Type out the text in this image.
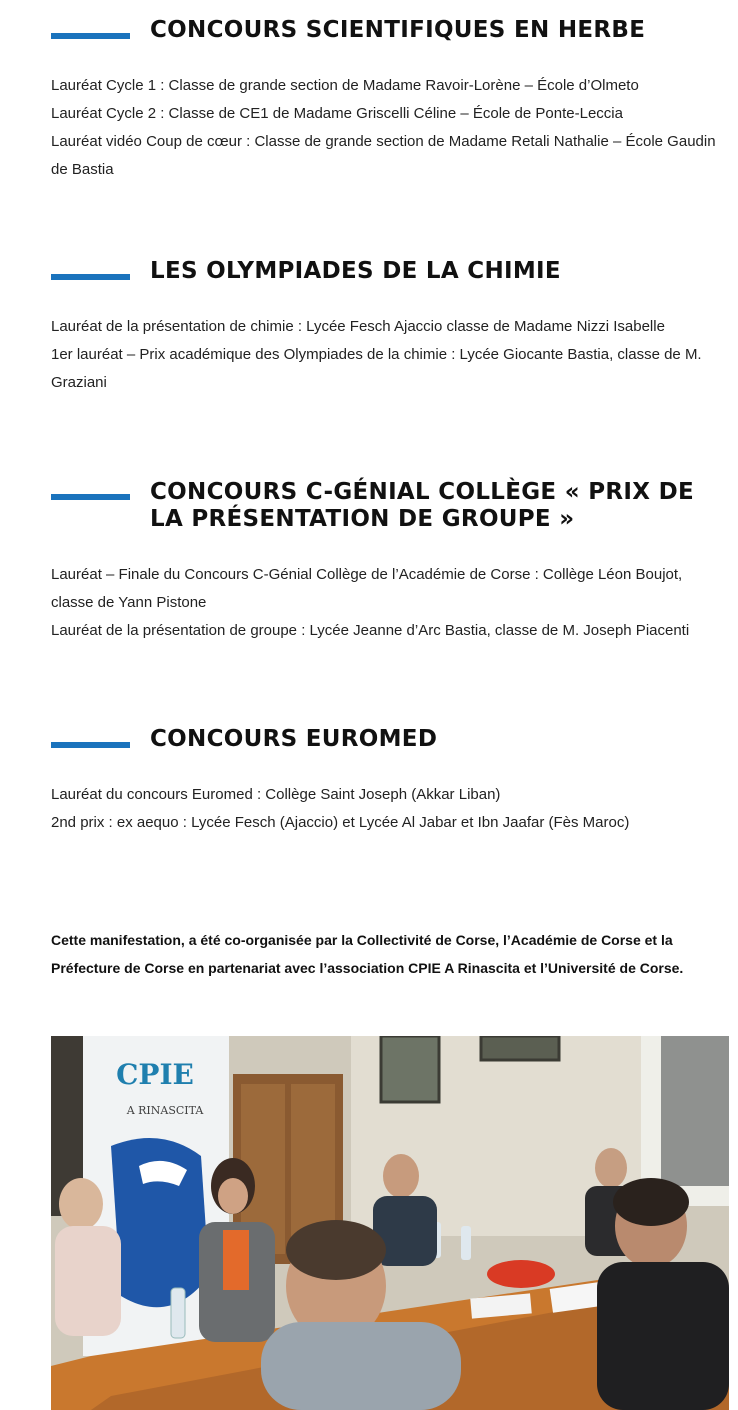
CONCOURS SCIENTIFIQUES EN HERBE

Lauréat Cycle 1 : Classe de grande section de Madame Ravoir-Lorène – École d’Olmeto

Lauréat Cycle 2 : Classe de CE1 de Madame Griscelli Céline – École de Ponte-Leccia

Lauréat vidéo Coup de cœur : Classe de grande section de Madame Retali Nathalie – École Gaudin de Bastia

LES OLYMPIADES DE LA CHIMIE

Lauréat de la présentation de chimie : Lycée Fesch Ajaccio classe de Madame Nizzi Isabelle

1er lauréat – Prix académique des Olympiades de la chimie : Lycée Giocante Bastia, classe de M. Graziani

CONCOURS C-GÉNIAL COLLÈGE « PRIX DE LA PRÉSENTATION DE GROUPE »

Lauréat – Finale du Concours C-Génial Collège de l’Académie de Corse : Collège Léon Boujot, classe de Yann Pistone

Lauréat de la présentation de groupe : Lycée Jeanne d’Arc Bastia, classe de M. Joseph Piacenti

CONCOURS EUROMED

Lauréat du concours Euromed : Collège Saint Joseph (Akkar Liban)

2nd prix : ex aequo : Lycée Fesch (Ajaccio) et Lycée Al Jabar et Ibn Jaafar (Fès Maroc)

Cette manifestation, a été co-organisée par la Collectivité de Corse, l’Académie de Corse et la Préfecture de Corse en partenariat avec l’association CPIE A Rinascita et l’Université de Corse.

CPIE
A RINASCITA
